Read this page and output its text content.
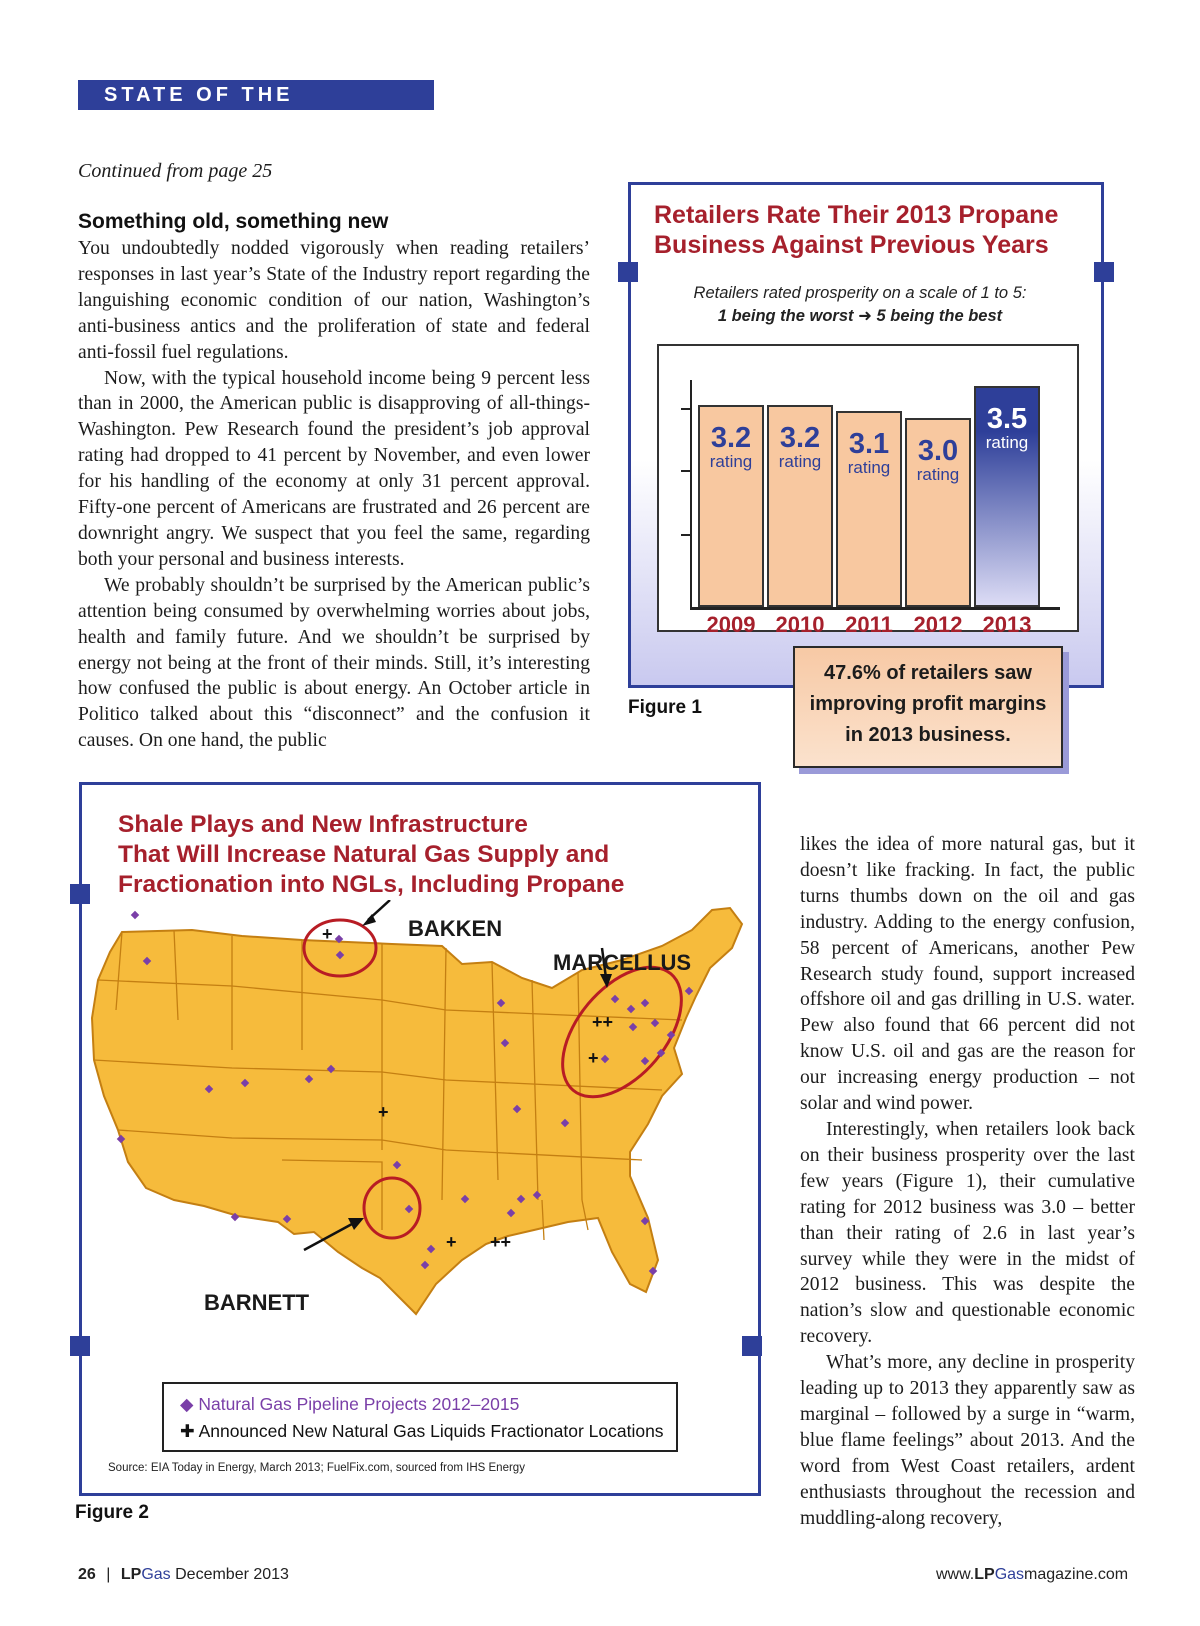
STATE OF THE INDUSTRY
Continued from page 25
Something old, something new

You undoubtedly nodded vigorously when reading retailers’ responses in last year’s State of the Industry report regarding the languishing economic condition of our nation, Washington’s anti-business antics and the proliferation of state and federal anti-fossil fuel regulations.

Now, with the typical household income being 9 percent less than in 2000, the American public is disapproving of all-things-Washington. Pew Research found the president’s job approval rating had dropped to 41 percent by November, and even lower for his handling of the economy at only 31 percent approval. Fifty-one percent of Americans are frustrated and 26 percent are downright angry. We suspect that you feel the same, regarding both your personal and business interests.

We probably shouldn’t be surprised by the American public’s attention being consumed by overwhelming worries about jobs, health and family future. And we shouldn’t be surprised by energy not being at the front of their minds. Still, it’s interesting how confused the public is about energy. An October article in Politico talked about this “disconnect” and the confusion it causes. On one hand, the public

Retailers Rate Their 2013 Propane Business Against Previous Years
Retailers rated prosperity on a scale of 1 to 5:
1 being the worst ➜ 5 being the best
3.2
rating
2009
3.2
rating
2010
3.1
rating
2011
3.0
rating
2012
3.5
rating
2013
47.6% of retailers saw
improving profit margins
in 2013 business.
Figure 1
Shale Plays and New Infrastructure
That Will Increase Natural Gas Supply and
Fractionation into NGLs, Including Propane
+
+
++
+
+ ++
BAKKEN
MARCELLUS
BARNETT
◆ Natural Gas Pipeline Projects 2012–2015
✚ Announced New Natural Gas Liquids Fractionator Locations
Source: EIA Today in Energy, March 2013; FuelFix.com, sourced from IHS Energy
Figure 2

likes the idea of more natural gas, but it doesn’t like fracking. In fact, the public turns thumbs down on the oil and gas industry. Adding to the energy confusion, 58 percent of Americans, another Pew Research study found, support increased offshore oil and gas drilling in U.S. water. Pew also found that 66 percent did not know U.S. oil and gas are the reason for our increasing energy production – not solar and wind power.

Interestingly, when retailers look back on their business prosperity over the last few years (Figure 1), their cumulative rating for 2012 business was 3.0 – better than their rating of 2.6 in last year’s survey while they were in the midst of 2012 business. This was despite the nation’s slow and questionable economic recovery.

What’s more, any decline in prosperity leading up to 2013 they apparently saw as marginal – followed by a surge in “warm, blue flame feelings” about 2013. And the word from West Coast retailers, ardent enthusiasts throughout the recession and muddling-along recovery,

26 | LPGas December 2013	www.LPGasmagazine.com
